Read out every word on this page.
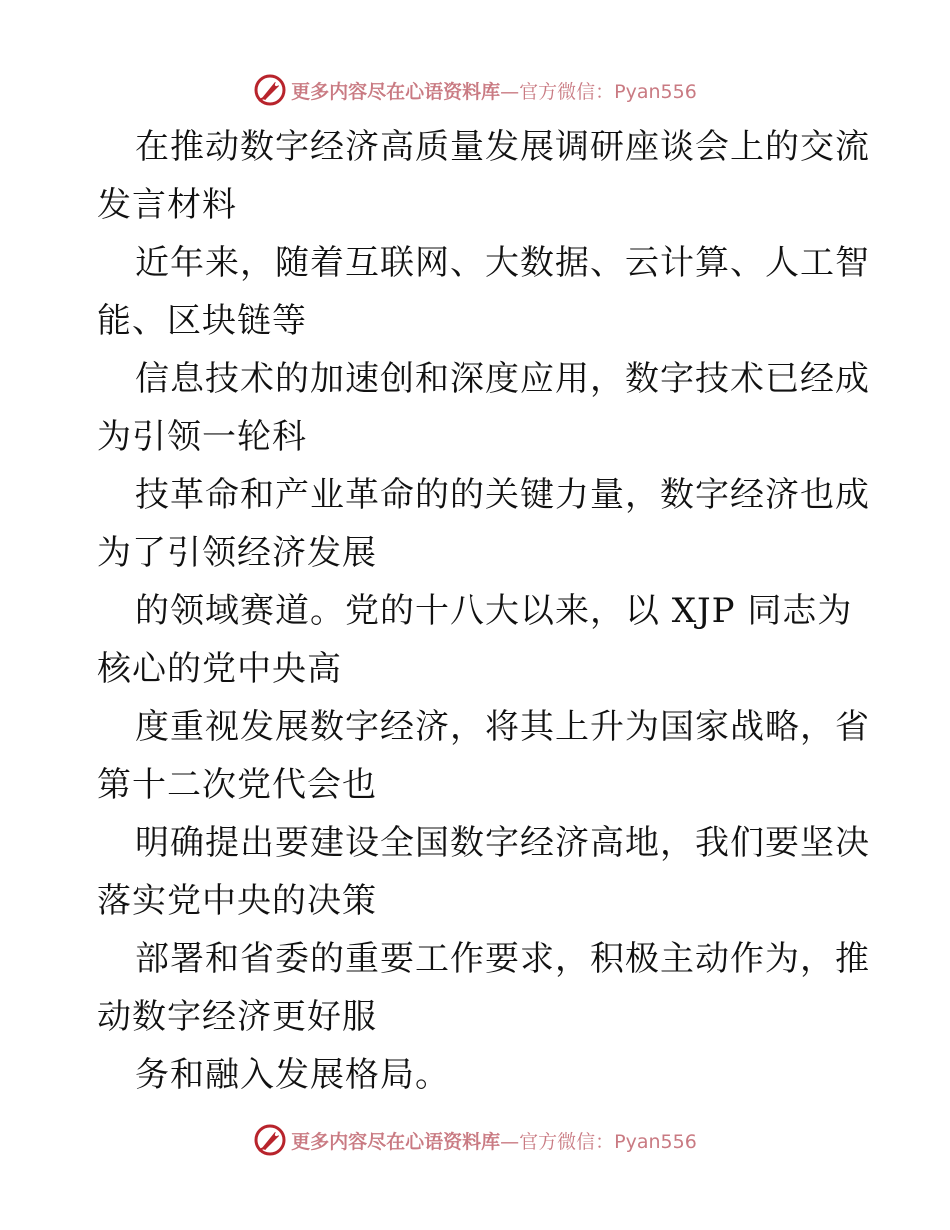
更多内容尽在心语资料库—官方微信：Pyan556
在推动数字经济高质量发展调研座谈会上的交流
发言材料
近年来，随着互联网、大数据、云计算、人工智
能、区块链等
信息技术的加速创和深度应用，数字技术已经成
为引领一轮科
技革命和产业革命的的关键力量，数字经济也成
为了引领经济发展
的领域赛道。党的十八大以来，以 XJP 同志为
核心的党中央高
度重视发展数字经济，将其上升为国家战略，省
第十二次党代会也
明确提出要建设全国数字经济高地，我们要坚决
落实党中央的决策
部署和省委的重要工作要求，积极主动作为，推
动数字经济更好服
务和融入发展格局。
更多内容尽在心语资料库—官方微信：Pyan556
